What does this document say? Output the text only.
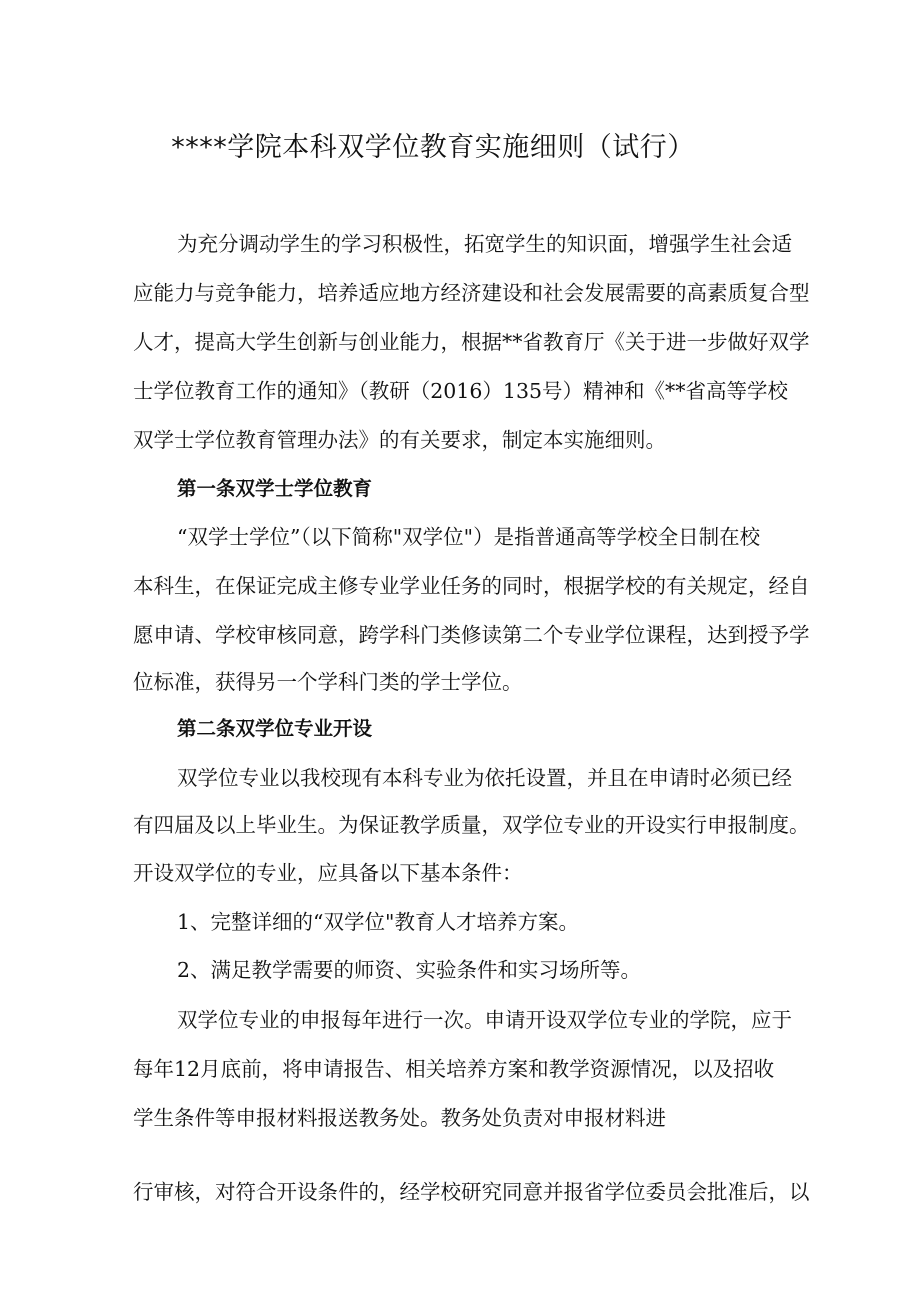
****学院本科双学位教育实施细则（试行）

为充分调动学生的学习积极性，拓宽学生的知识面，增强学生社会适

应能力与竞争能力，培养适应地方经济建设和社会发展需要的高素质复合型

人才，提高大学生创新与创业能力，根据**省教育厅《关于进一步做好双学

士学位教育工作的通知》（教研（2016）135号）精神和《**省高等学校

双学士学位教育管理办法》的有关要求，制定本实施细则。

第一条双学士学位教育

“双学士学位”（以下简称"双学位"）是指普通高等学校全日制在校

本科生，在保证完成主修专业学业任务的同时，根据学校的有关规定，经自

愿申请、学校审核同意，跨学科门类修读第二个专业学位课程，达到授予学

位标准，获得另一个学科门类的学士学位。

第二条双学位专业开设

双学位专业以我校现有本科专业为依托设置，并且在申请时必须已经

有四届及以上毕业生。为保证教学质量，双学位专业的开设实行申报制度。

开设双学位的专业，应具备以下基本条件：

1、完整详细的“双学位"教育人才培养方案。

2、满足教学需要的师资、实验条件和实习场所等。

双学位专业的申报每年进行一次。申请开设双学位专业的学院，应于

每年12月底前，将申请报告、相关培养方案和教学资源情况，以及招收

学生条件等申报材料报送教务处。教务处负责对申报材料进

行审核，对符合开设条件的，经学校研究同意并报省学位委员会批准后，以
